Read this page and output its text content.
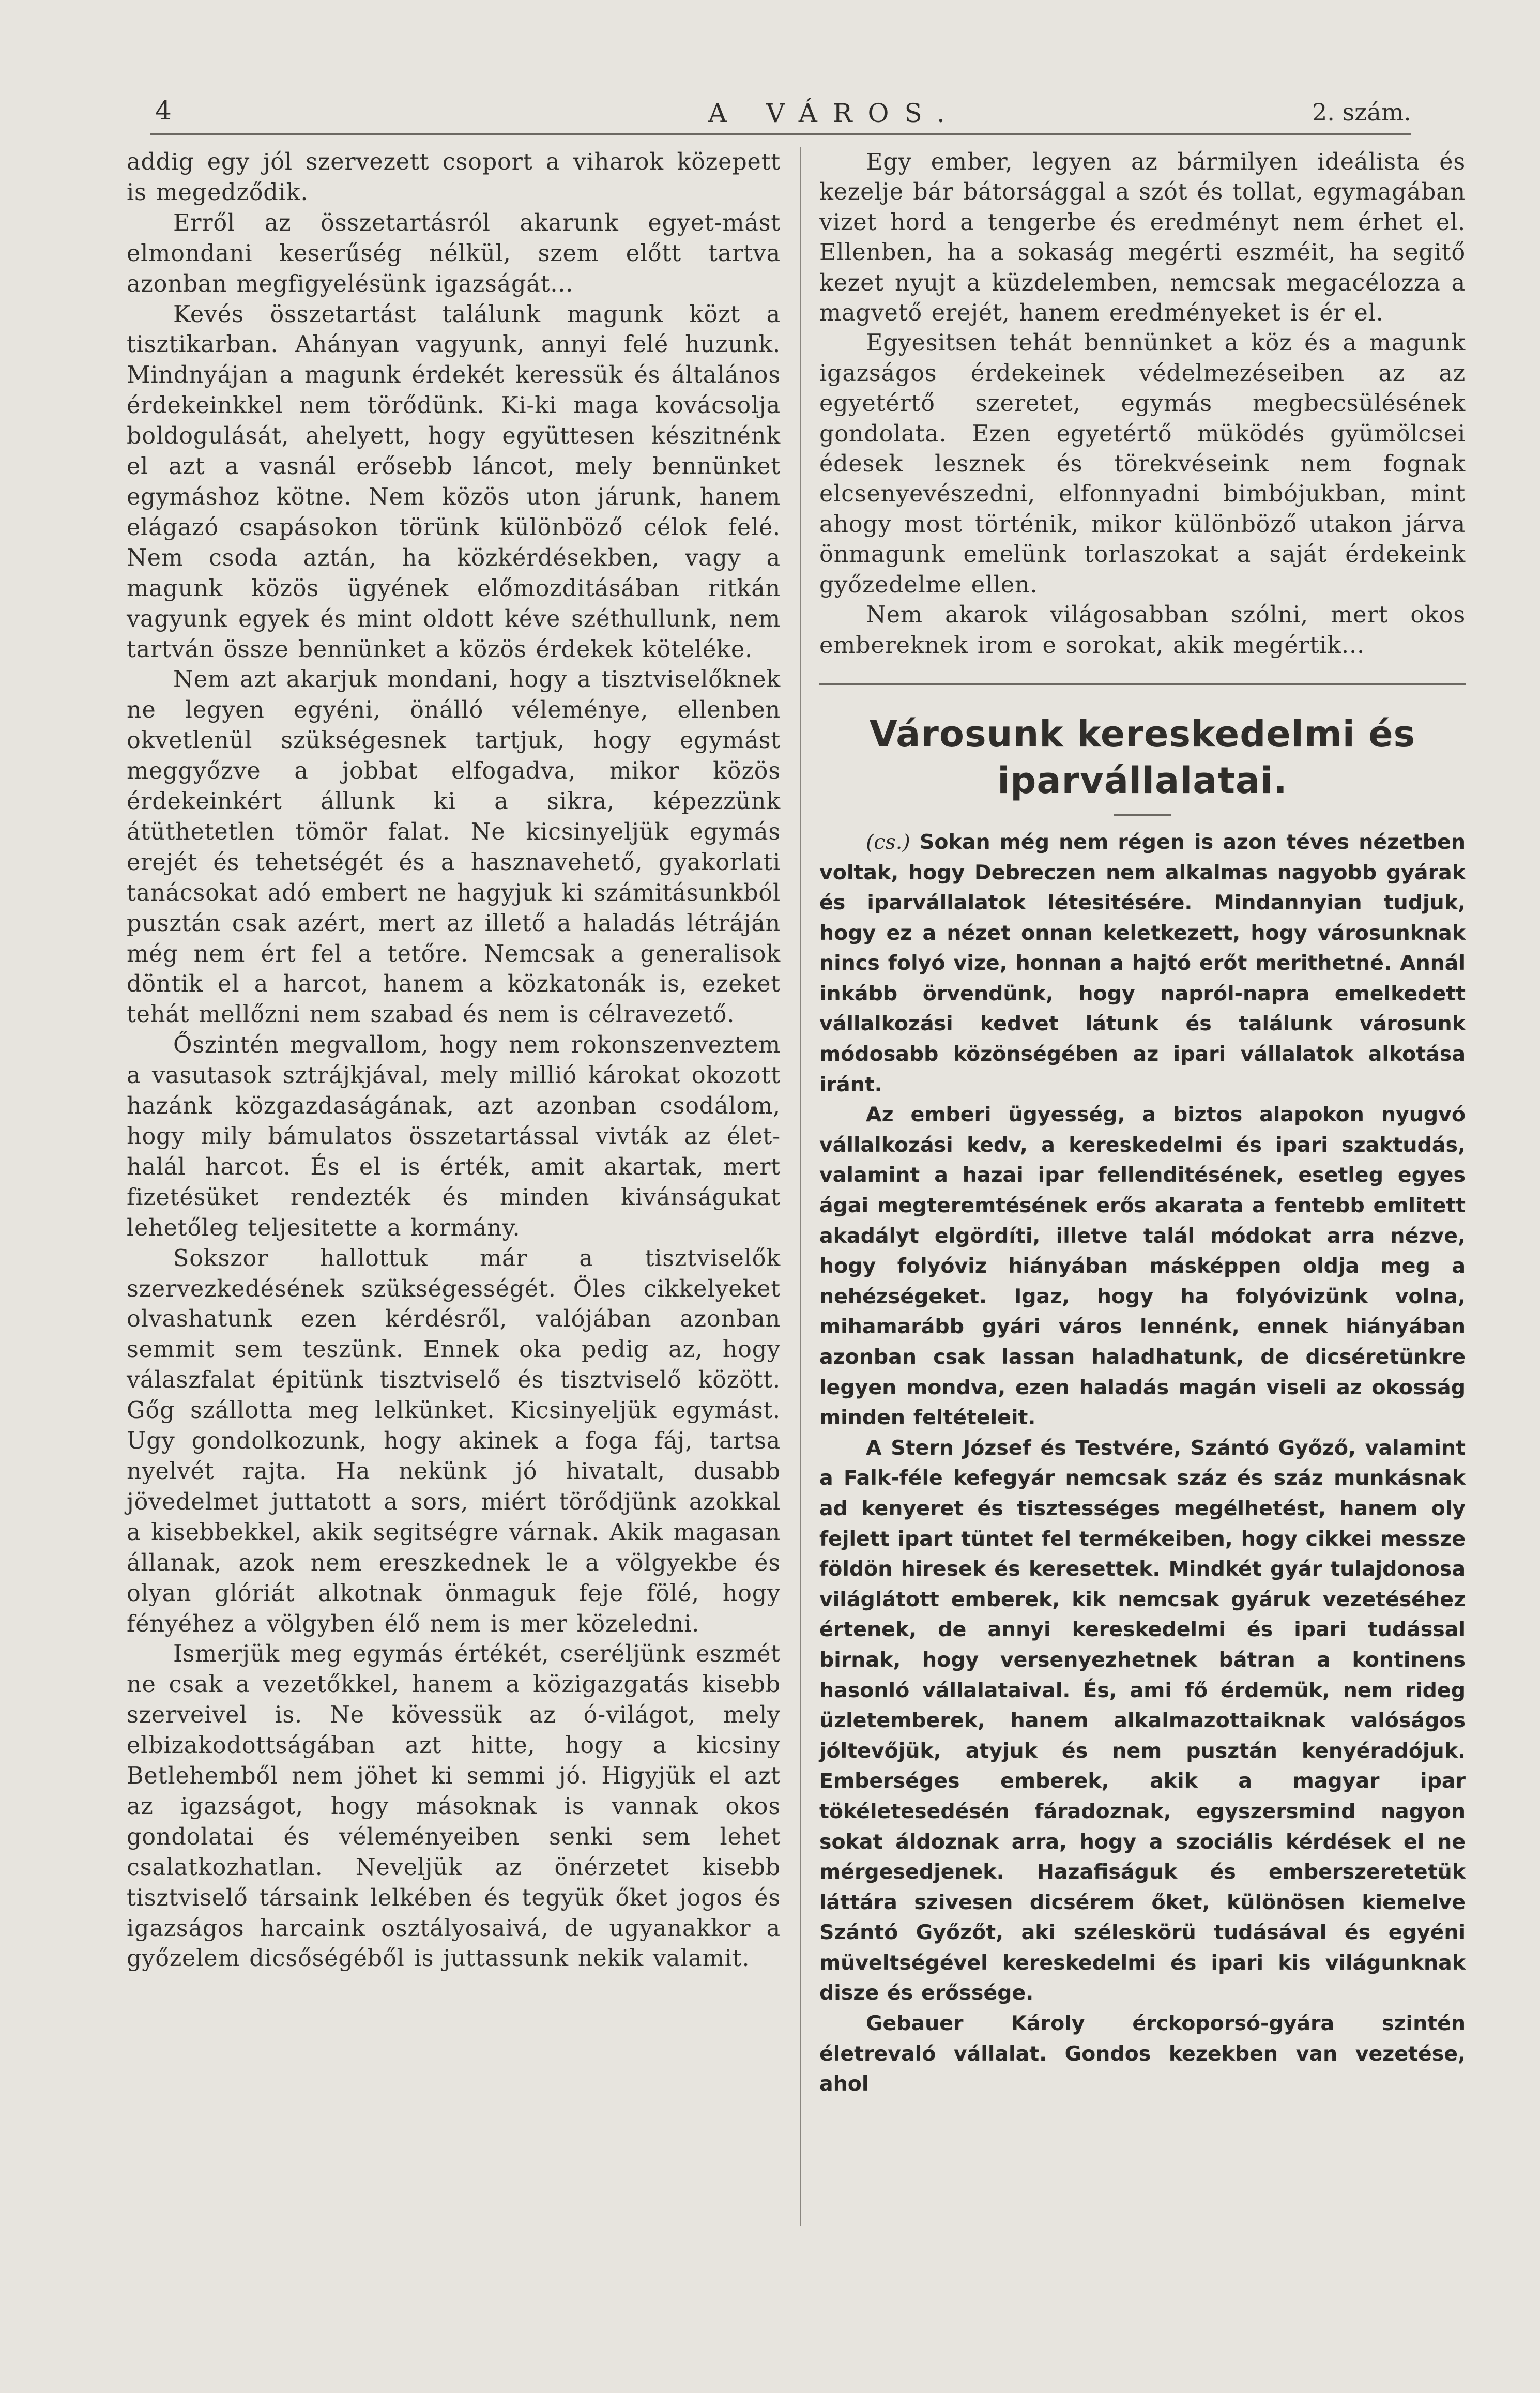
4	A VÁROS.	2. szám.

addig egy jól szervezett csoport a viharok közepett is megedződik.

Erről az összetartásról akarunk egyet-mást elmondani keserűség nélkül, szem előtt tartva azonban megfigyelésünk igazságát...

Kevés összetartást találunk magunk közt a tisztikarban. Ahányan vagyunk, annyi felé huzunk. Mindnyájan a magunk érdekét keressük és általános érdekeinkkel nem törődünk. Ki-ki maga kovácsolja boldogulását, ahelyett, hogy együttesen készitnénk el azt a vasnál erősebb láncot, mely bennünket egymáshoz kötne. Nem közös uton járunk, hanem elágazó csapásokon törünk különböző célok felé. Nem csoda aztán, ha közkérdésekben, vagy a magunk közös ügyének előmozditásában ritkán vagyunk egyek és mint oldott kéve széthullunk, nem tartván össze bennünket a közös érdekek köteléke.

Nem azt akarjuk mondani, hogy a tisztviselőknek ne legyen egyéni, önálló véleménye, ellenben okvetlenül szükségesnek tartjuk, hogy egymást meggyőzve a jobbat elfogadva, mikor közös érdekeinkért állunk ki a sikra, képezzünk átüthetetlen tömör falat. Ne kicsinyeljük egymás erejét és tehetségét és a hasznavehető, gyakorlati tanácsokat adó embert ne hagyjuk ki számitásunkból pusztán csak azért, mert az illető a haladás létráján még nem ért fel a tetőre. Nemcsak a generalisok döntik el a harcot, hanem a közkatonák is, ezeket tehát mellőzni nem szabad és nem is célravezető.

Őszintén megvallom, hogy nem rokonszenveztem a vasutasok sztrájkjával, mely millió károkat okozott hazánk közgazdaságának, azt azonban csodálom, hogy mily bámulatos összetartással vivták az élet-halál harcot. És el is érték, amit akartak, mert fizetésüket rendezték és minden kivánságukat lehetőleg teljesitette a kormány.

Sokszor hallottuk már a tisztviselők szervezkedésének szükségességét. Öles cikkelyeket olvashatunk ezen kérdésről, valójában azonban semmit sem teszünk. Ennek oka pedig az, hogy válaszfalat épitünk tisztviselő és tisztviselő között. Gőg szállotta meg lelkünket. Kicsinyeljük egymást. Ugy gondolkozunk, hogy akinek a foga fáj, tartsa nyelvét rajta. Ha nekünk jó hivatalt, dusabb jövedelmet juttatott a sors, miért törődjünk azokkal a kisebbekkel, akik segitségre várnak. Akik magasan állanak, azok nem ereszkednek le a völgyekbe és olyan glóriát alkotnak önmaguk feje fölé, hogy fényéhez a völgyben élő nem is mer közeledni.

Ismerjük meg egymás értékét, cseréljünk eszmét ne csak a vezetőkkel, hanem a közigazgatás kisebb szerveivel is. Ne kövessük az ó-világot, mely elbizakodottságában azt hitte, hogy a kicsiny Betlehemből nem jöhet ki semmi jó. Higyjük el azt az igazságot, hogy másoknak is vannak okos gondolatai és véleményeiben senki sem lehet csalatkozhatlan. Neveljük az önérzetet kisebb tisztviselő társaink lelkében és tegyük őket jogos és igazságos harcaink osztályosaivá, de ugyanakkor a győzelem dicsőségéből is juttassunk nekik valamit.

Egy ember, legyen az bármilyen ideálista és kezelje bár bátorsággal a szót és tollat, egymagában vizet hord a tengerbe és eredményt nem érhet el. Ellenben, ha a sokaság megérti eszméit, ha segitő kezet nyujt a küzdelemben, nemcsak megacélozza a magvető erejét, hanem eredményeket is ér el.

Egyesitsen tehát bennünket a köz és a magunk igazságos érdekeinek védelmezéseiben az az egyetértő szeretet, egymás megbecsülésének gondolata. Ezen egyetértő müködés gyümölcsei édesek lesznek és törekvéseink nem fognak elcsenyevészedni, elfonnyadni bimbójukban, mint ahogy most történik, mikor különböző utakon járva önmagunk emelünk torlaszokat a saját érdekeink győzedelme ellen.

Nem akarok világosabban szólni, mert okos embereknek irom e sorokat, akik megértik...

Városunk kereskedelmi és iparvállalatai.

(cs.) Sokan még nem régen is azon téves nézetben voltak, hogy Debreczen nem alkalmas nagyobb gyárak és iparvállalatok létesitésére. Mindannyian tudjuk, hogy ez a nézet onnan keletkezett, hogy városunknak nincs folyó vize, honnan a hajtó erőt merithetné. Annál inkább örvendünk, hogy napról-napra emelkedett vállalkozási kedvet látunk és találunk városunk módosabb közönségében az ipari vállalatok alkotása iránt.

Az emberi ügyesség, a biztos alapokon nyugvó vállalkozási kedv, a kereskedelmi és ipari szaktudás, valamint a hazai ipar fellenditésének, esetleg egyes ágai megteremtésének erős akarata a fentebb emlitett akadályt elgördíti, illetve talál módokat arra nézve, hogy folyóviz hiányában másképpen oldja meg a nehézségeket. Igaz, hogy ha folyóvizünk volna, mihamarább gyári város lennénk, ennek hiányában azonban csak lassan haladhatunk, de dicséretünkre legyen mondva, ezen haladás magán viseli az okosság minden feltételeit.

A Stern József és Testvére, Szántó Győző, valamint a Falk-féle kefegyár nemcsak száz és száz munkásnak ad kenyeret és tisztességes megélhetést, hanem oly fejlett ipart tüntet fel termékeiben, hogy cikkei messze földön hiresek és keresettek. Mindkét gyár tulajdonosa világlátott emberek, kik nemcsak gyáruk vezetéséhez értenek, de annyi kereskedelmi és ipari tudással birnak, hogy versenyezhetnek bátran a kontinens hasonló vállalataival. És, ami fő érdemük, nem rideg üzletemberek, hanem alkalmazottaiknak valóságos jóltevőjük, atyjuk és nem pusztán kenyéradójuk. Emberséges emberek, akik a magyar ipar tökéletesedésén fáradoznak, egyszersmind nagyon sokat áldoznak arra, hogy a szociális kérdések el ne mérgesedjenek. Hazafiságuk és emberszeretetük láttára szivesen dicsérem őket, különösen kiemelve Szántó Győzőt, aki széleskörü tudásával és egyéni müveltségével kereskedelmi és ipari kis világunknak disze és erőssége.

Gebauer Károly érckoporsó-gyára szintén életrevaló vállalat. Gondos kezekben van vezetése, ahol
